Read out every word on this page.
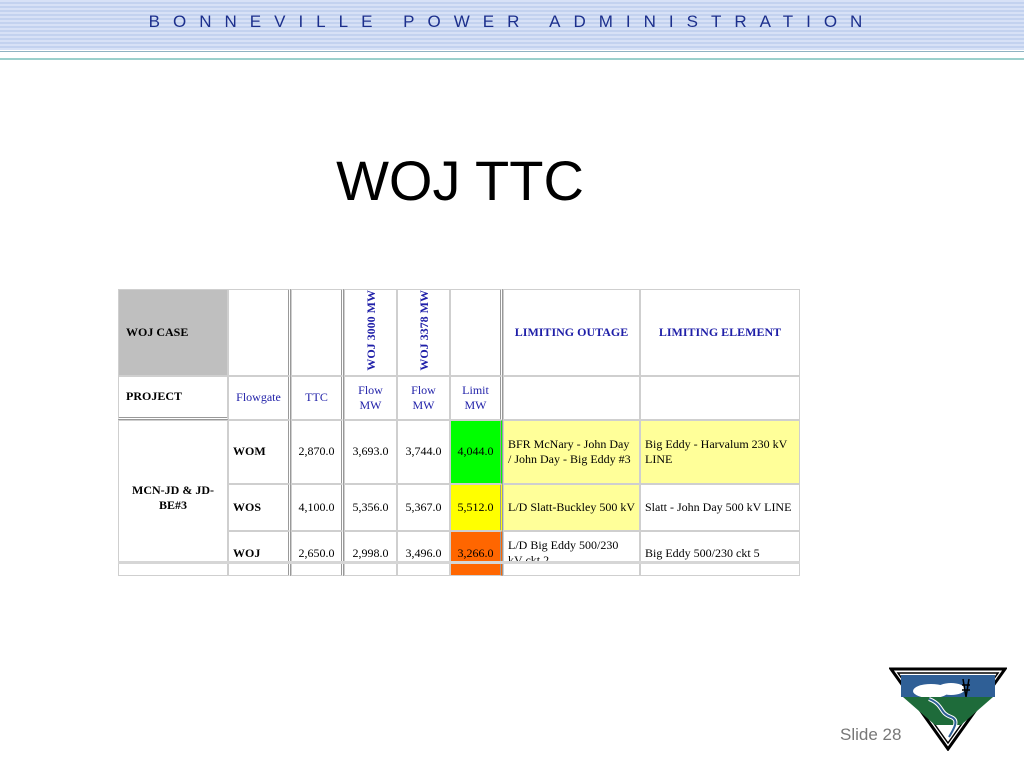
BONNEVILLE POWER ADMINISTRATION
WOJ TTC
WOJ CASE			WOJ 3000 MW	WOJ 3378 MW		LIMITING OUTAGE	LIMITING ELEMENT
PROJECT	Flowgate	TTC	Flow MW	Flow MW	Limit MW		
MCN-JD & JD-BE#3	WOM	2,870.0	3,693.0	3,744.0	4,044.0	BFR McNary - John Day / John Day - Big Eddy #3	Big Eddy - Harvalum 230 kV LINE
	WOS	4,100.0	5,356.0	5,367.0	5,512.0	L/D Slatt-Buckley 500 kV	Slatt - John Day 500 kV LINE
	WOJ	2,650.0	2,998.0	3,496.0	3,266.0	L/D Big Eddy 500/230	Big Eddy 500/230 ckt 5
Slide 28
